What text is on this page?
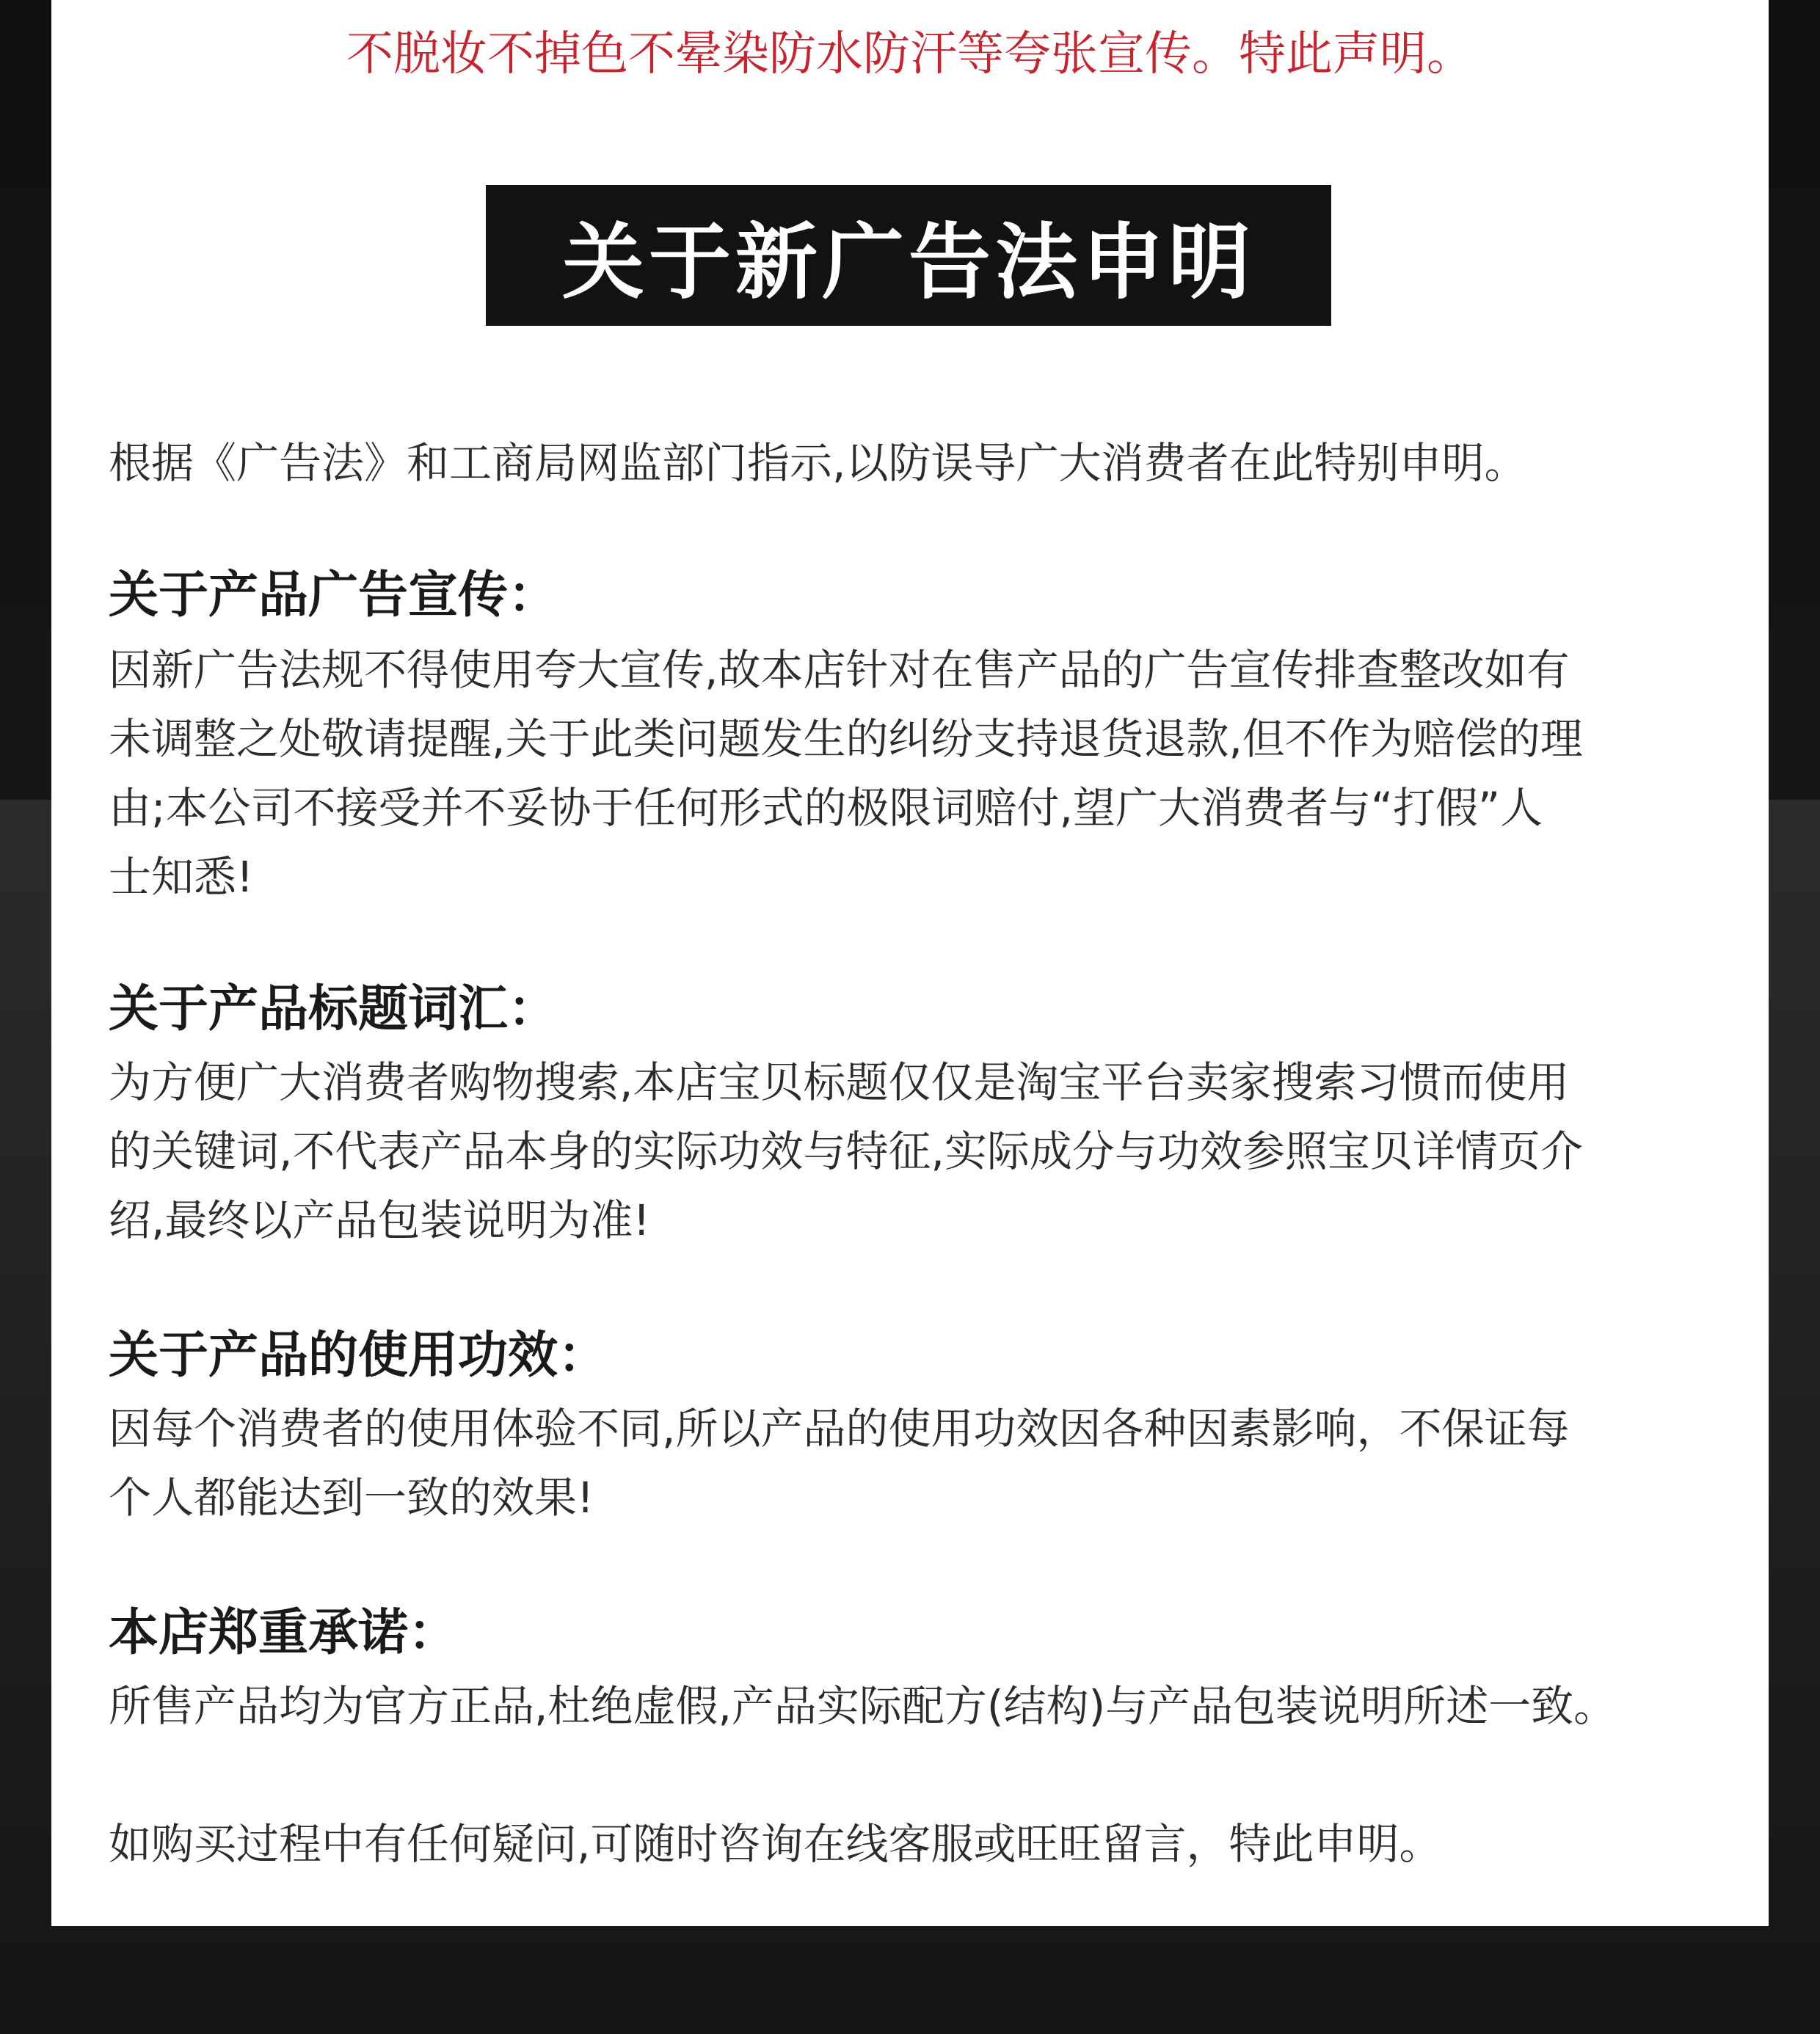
不脱妆不掉色不晕染防水防汗等夸张宣传。特此声明。
关于新广告法申明

根据《广告法》和工商局网监部门指示,以防误导广大消费者在此特别申明。

关于产品广告宣传：

因新广告法规不得使用夸大宣传,故本店针对在售产品的广告宣传排查整改如有
未调整之处敬请提醒,关于此类问题发生的纠纷支持退货退款,但不作为赔偿的理
由;本公司不接受并不妥协于任何形式的极限词赔付,望广大消费者与“打假”人
士知悉!

关于产品标题词汇：

为方便广大消费者购物搜索,本店宝贝标题仅仅是淘宝平台卖家搜索习惯而使用
的关键词,不代表产品本身的实际功效与特征,实际成分与功效参照宝贝详情页介
绍,最终以产品包装说明为准!

关于产品的使用功效：

因每个消费者的使用体验不同,所以产品的使用功效因各种因素影响，不保证每
个人都能达到一致的效果!

本店郑重承诺：

所售产品均为官方正品,杜绝虚假,产品实际配方(结构)与产品包装说明所述一致。

如购买过程中有任何疑问,可随时咨询在线客服或旺旺留言，特此申明。
